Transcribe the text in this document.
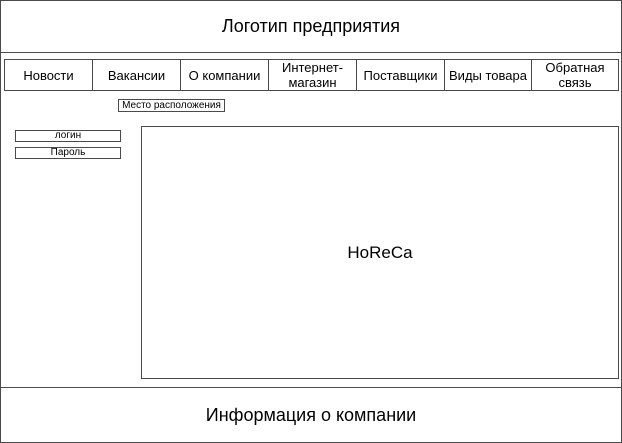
Логотип предприятия
Новости	Вакансии О компании	Интернет-магазин	Поставщики Виды товара	Обратная связь
Место расположения
логин
Пароль
HoReCa
Информация о компании
